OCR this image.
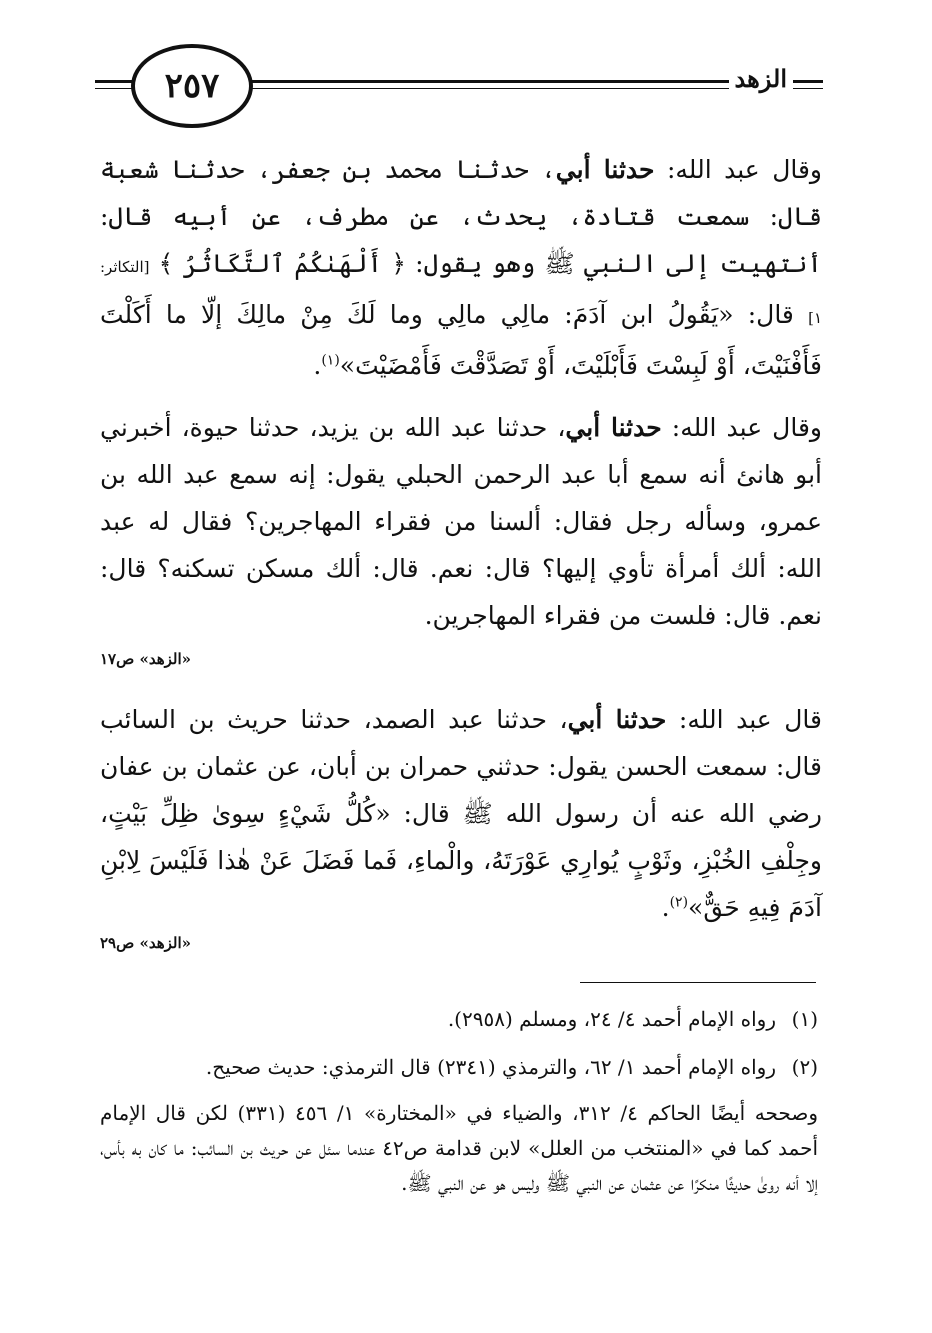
٢٥٧	الزهد

وقال عبد الله: حدثنا أبي، حدثنا محمد بن جعفر، حدثنا شعبة قال: سمعت قتادة، يحدث، عن مطرف، عن أبيه قال: أنتهيت إلى النبي ﷺ وهو يقول: ﴿ أَلْهَىٰكُمُ ٱلتَّكَاثُرُ ﴾ [التكاثر: ١] قال: «يَقُولُ ابن آدَمَ: مالِي مالِي وما لَكَ مِنْ مالِكَ إلّا ما أَكَلْتَ فَأَفْنَيْتَ، أَوْ لَبِسْتَ فَأَبْلَيْتَ، أَوْ تَصَدَّقْتَ فَأَمْضَيْتَ»$^{(١)}$.

وقال عبد الله: حدثنا أبي، حدثنا عبد الله بن يزيد، حدثنا حيوة، أخبرني أبو هانئ أنه سمع أبا عبد الرحمن الحبلي يقول: إنه سمع عبد الله بن عمرو، وسأله رجل فقال: ألسنا من فقراء المهاجرين؟ فقال له عبد الله: ألك أمرأة تأوي إليها؟ قال: نعم. قال: ألك مسكن تسكنه؟ قال: نعم. قال: فلست من فقراء المهاجرين.

«الزهد» ص١٧

قال عبد الله: حدثنا أبي، حدثنا عبد الصمد، حدثنا حريث بن السائب قال: سمعت الحسن يقول: حدثني حمران بن أبان، عن عثمان بن عفان رضي الله عنه أن رسول الله ﷺ قال: «كُلُّ شَيْءٍ سِوىٰ ظِلِّ بَيْتٍ، وجِلْفِ الخُبْزِ، وثَوْبٍ يُوارِي عَوْرَتَهُ، والْماءِ، فَما فَضَلَ عَنْ هٰذا فَلَيْسَ لِابْنِ آدَمَ فِيهِ حَقٌّ»$^{(٢)}$.

«الزهد» ص٢٩

(١)رواه الإمام أحمد ٤/ ٢٤، ومسلم (٢٩٥٨).

(٢)رواه الإمام أحمد ١/ ٦٢، والترمذي (٢٣٤١) قال الترمذي: حديث صحيح.

وصححه أيضًا الحاكم ٤/ ٣١٢، والضياء في «المختارة» ١/ ٤٥٦ (٣٣١) لكن قال الإمام أحمد كما في «المنتخب من العلل» لابن قدامة ص٤٢ عندما سئل عن حريث بن السائب: ما كان به بأس، إلا أنه روىٰ حديثًا منكرًا عن عثمان عن النبي ﷺ وليس هو عن النبي ﷺ.
